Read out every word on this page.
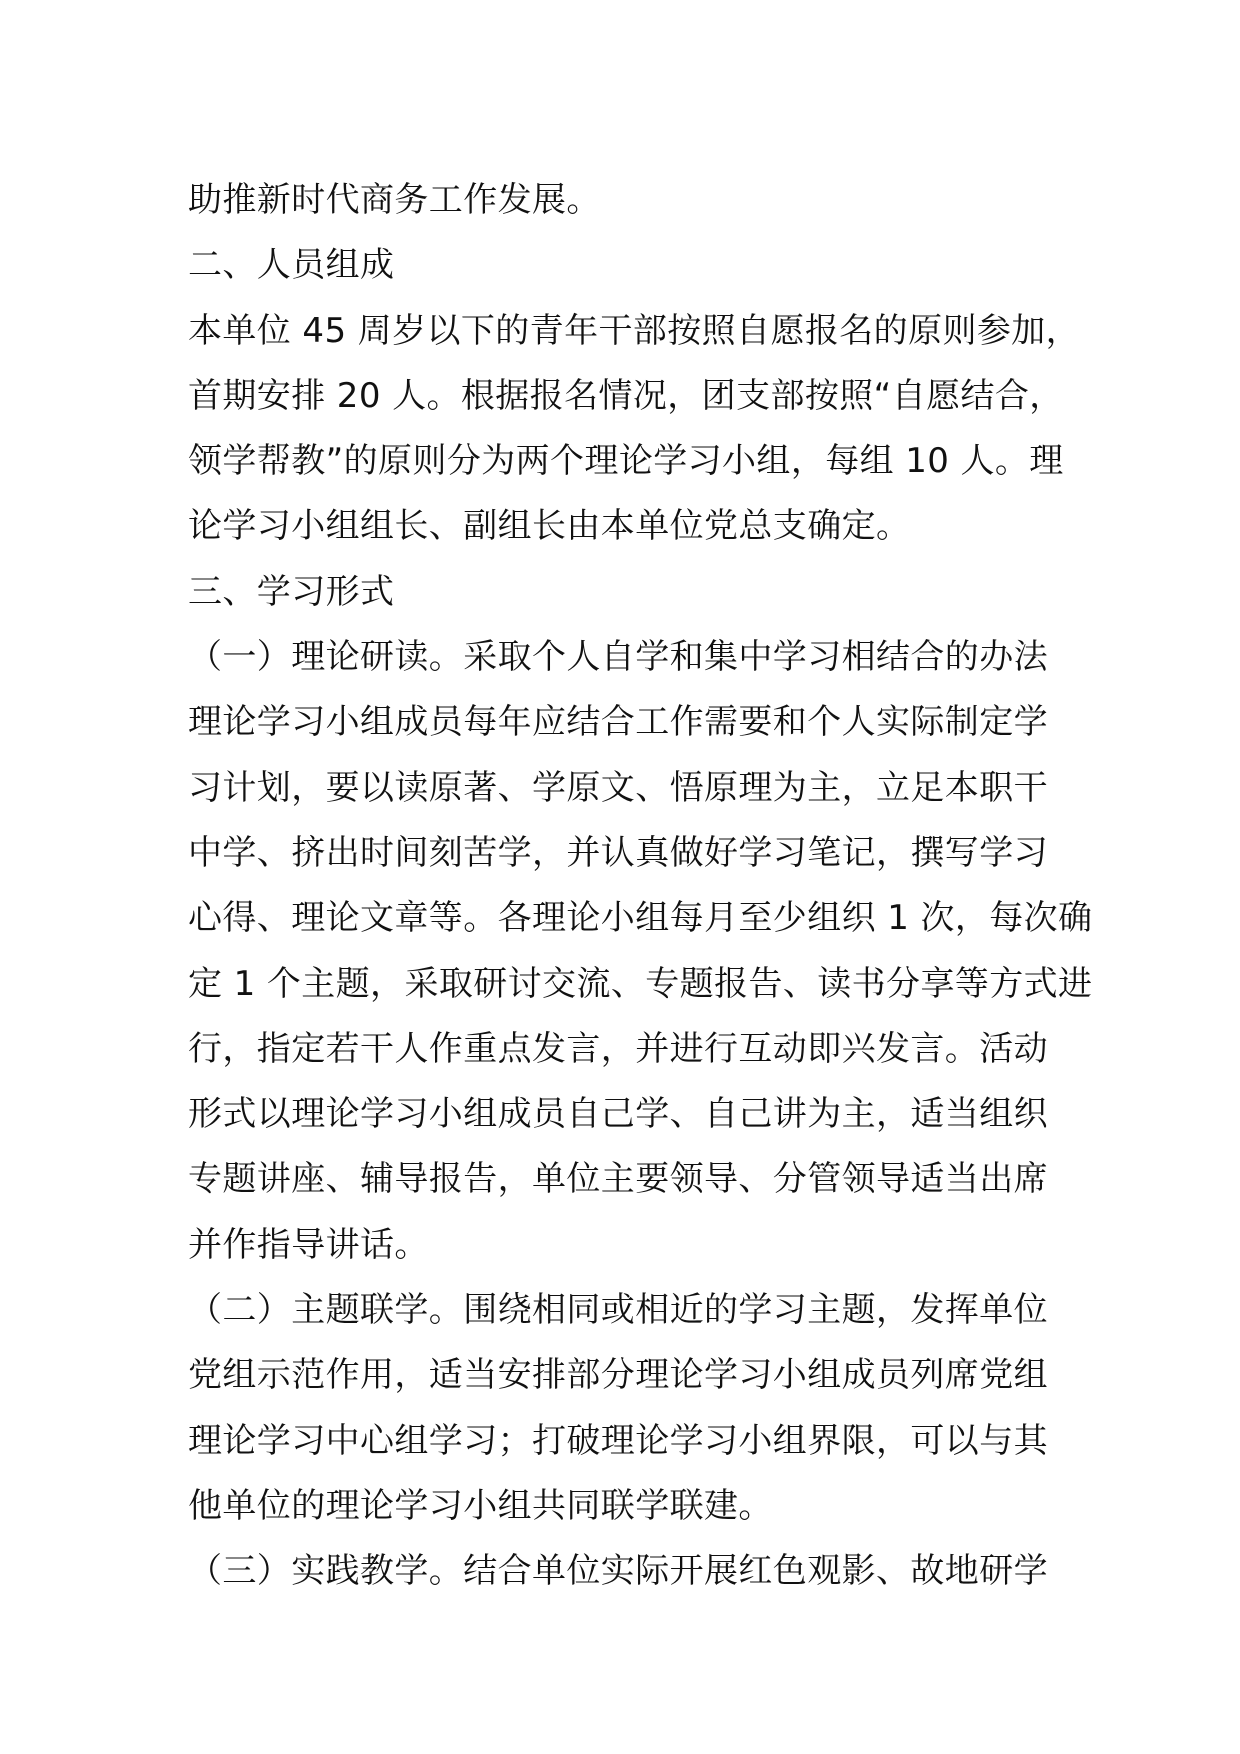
助推新时代商务工作发展。
二、人员组成
本单位 45 周岁以下的青年干部按照自愿报名的原则参加，
首期安排 20 人。根据报名情况，团支部按照“自愿结合，
领学帮教”的原则分为两个理论学习小组，每组 10 人。理
论学习小组组长、副组长由本单位党总支确定。
三、学习形式
（一）理论研读。采取个人自学和集中学习相结合的办法
理论学习小组成员每年应结合工作需要和个人实际制定学
习计划，要以读原著、学原文、悟原理为主，立足本职干
中学、挤出时间刻苦学，并认真做好学习笔记，撰写学习
心得、理论文章等。各理论小组每月至少组织 1 次，每次确
定 1 个主题，采取研讨交流、专题报告、读书分享等方式进
行，指定若干人作重点发言，并进行互动即兴发言。活动
形式以理论学习小组成员自己学、自己讲为主，适当组织
专题讲座、辅导报告，单位主要领导、分管领导适当出席
并作指导讲话。
（二）主题联学。围绕相同或相近的学习主题，发挥单位
党组示范作用，适当安排部分理论学习小组成员列席党组
理论学习中心组学习；打破理论学习小组界限，可以与其
他单位的理论学习小组共同联学联建。
（三）实践教学。结合单位实际开展红色观影、故地研学
